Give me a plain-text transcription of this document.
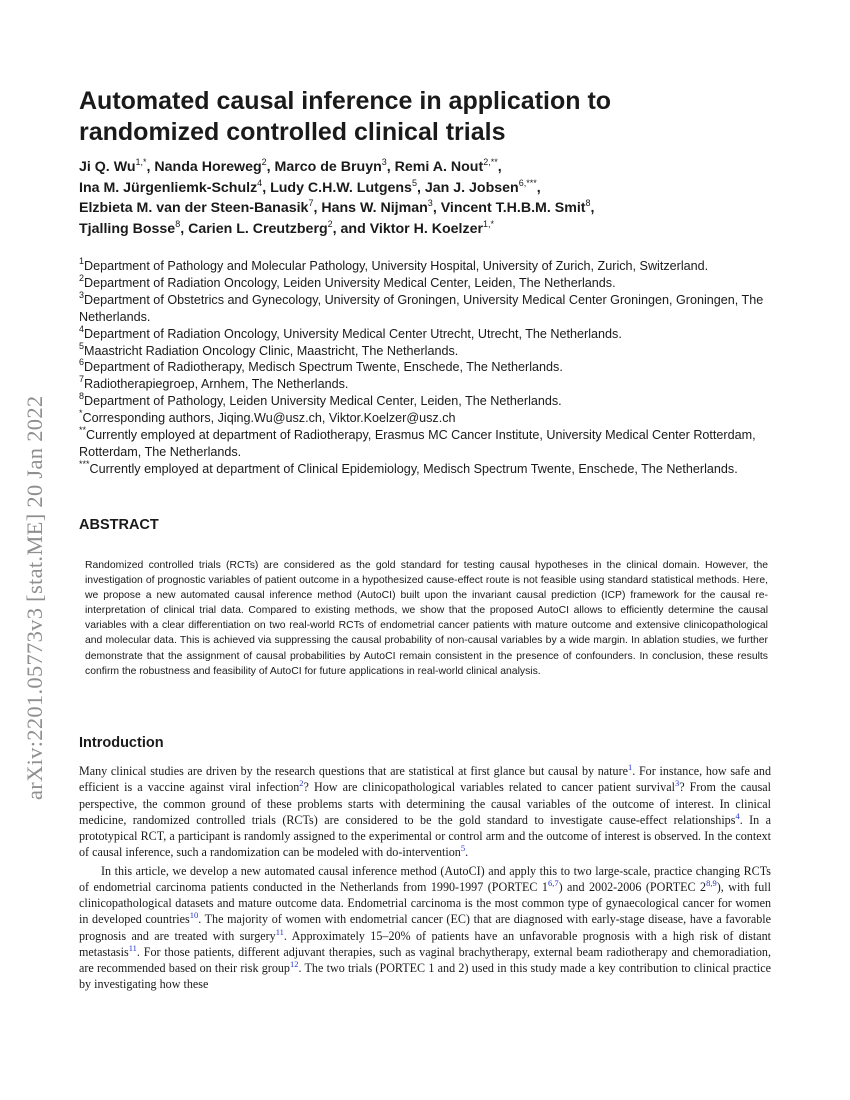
arXiv:2201.05773v3 [stat.ME] 20 Jan 2022
Automated causal inference in application to
randomized controlled clinical trials
Ji Q. $Wu^{1,*}$, Nanda Horeweg$^2$, Marco de Bruyn$^3$, Remi A. Nout$^{2,**}$,
Ina M. Jürgenliemk-Schulz$^4$, Ludy C.H.W. Lutgens$^5$, Jan J. Jobsen$^{6,***}$,
Elzbieta M. van der Steen-Banasik$^7$, Hans W. Nijman$^3$, Vincent T.H.B.M. Smit$^8$,
Tjalling Bosse$^8$, Carien L. Creutzberg$^2$, and Viktor H. Koelzer$^{1,*}$
$^1$Department of Pathology and Molecular Pathology, University Hospital, University of Zurich, Zurich, Switzerland.
$^2$Department of Radiation Oncology, Leiden University Medical Center, Leiden, The Netherlands.
$^3$Department of Obstetrics and Gynecology, University of Groningen, University Medical Center Groningen, Groningen, The Netherlands.
$^4$Department of Radiation Oncology, University Medical Center Utrecht, Utrecht, The Netherlands.
$^5$Maastricht Radiation Oncology Clinic, Maastricht, The Netherlands.
$^6$Department of Radiotherapy, Medisch Spectrum Twente, Enschede, The Netherlands.
$^7$Radiotherapiegroep, Arnhem, The Netherlands.
$^8$Department of Pathology, Leiden University Medical Center, Leiden, The Netherlands.
*Corresponding authors, Jiqing.Wu@usz.ch, Viktor.Koelzer@usz.ch
**Currently employed at department of Radiotherapy, Erasmus MC Cancer Institute, University Medical Center Rotterdam, Rotterdam, The Netherlands.
***Currently employed at department of Clinical Epidemiology, Medisch Spectrum Twente, Enschede, The Netherlands.
ABSTRACT

Randomized controlled trials (RCTs) are considered as the gold standard for testing causal hypotheses in the clinical domain. However, the investigation of prognostic variables of patient outcome in a hypothesized cause-effect route is not feasible using standard statistical methods. Here, we propose a new automated causal inference method (AutoCI) built upon the invariant causal prediction (ICP) framework for the causal re-interpretation of clinical trial data. Compared to existing methods, we show that the proposed AutoCI allows to efficiently determine the causal variables with a clear differentiation on two real-world RCTs of endometrial cancer patients with mature outcome and extensive clinicopathological and molecular data. This is achieved via suppressing the causal probability of non-causal variables by a wide margin. In ablation studies, we further demonstrate that the assignment of causal probabilities by AutoCI remain consistent in the presence of confounders. In conclusion, these results confirm the robustness and feasibility of AutoCI for future applications in real-world clinical analysis.

Introduction

Many clinical studies are driven by the research questions that are statistical at first glance but causal by nature$^1$. For instance, how safe and efficient is a vaccine against viral infection$^2$? How are clinicopathological variables related to cancer patient survival$^3$? From the causal perspective, the common ground of these problems starts with determining the causal variables of the outcome of interest. In clinical medicine, randomized controlled trials (RCTs) are considered to be the gold standard to investigate cause-effect relationships$^4$. In a prototypical RCT, a participant is randomly assigned to the experimental or control arm and the outcome of interest is observed. In the context of causal inference, such a randomization can be modeled with do-intervention$^5$.

In this article, we develop a new automated causal inference method (AutoCI) and apply this to two large-scale, practice changing RCTs of endometrial carcinoma patients conducted in the Netherlands from 1990-1997 (PORTEC 1$^{6,7}$) and 2002-2006 (PORTEC 2$^{8,9}$), with full clinicopathological datasets and mature outcome data. Endometrial carcinoma is the most common type of gynaecological cancer for women in developed countries$^{10}$. The majority of women with endometrial cancer (EC) that are diagnosed with early-stage disease, have a favorable prognosis and are treated with surgery$^{11}$. Approximately 15–20% of patients have an unfavorable prognosis with a high risk of distant metastasis$^{11}$. For those patients, different adjuvant therapies, such as vaginal brachytherapy, external beam radiotherapy and chemoradiation, are recommended based on their risk group$^{12}$. The two trials (PORTEC 1 and 2) used in this study made a key contribution to clinical practice by investigating how these
